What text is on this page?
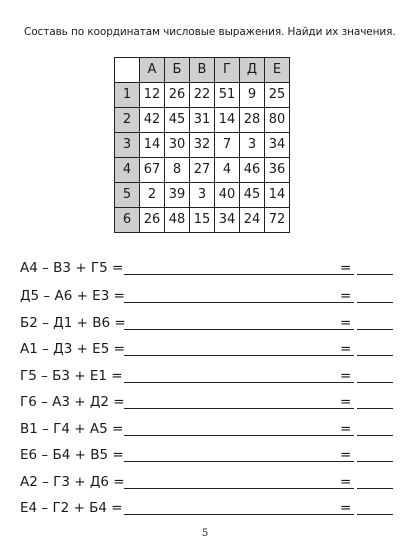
Составь по координатам числовые выражения. Найди их значения.
	А	Б	В	Г	Д	Е
1	12	26	22	51	9	25
2	42	45	31	14	28	80
3	14	30	32	7	3	34
4	67	8	27	4	46	36
5	2	39	3	40	45	14
6	26	48	15	34	24	72
А4 – В3 + Г5 =	=
Д5 – А6 + Е3 =	=
Б2 – Д1 + В6 =	=
А1 – Д3 + Е5 =	=
Г5 – Б3 + Е1 =	=
Г6 – А3 + Д2 =	=
В1 – Г4 + А5 =	=
Е6 – Б4 + В5 =	=
А2 – Г3 + Д6 =	=
Е4 – Г2 + Б4 =	=
5
